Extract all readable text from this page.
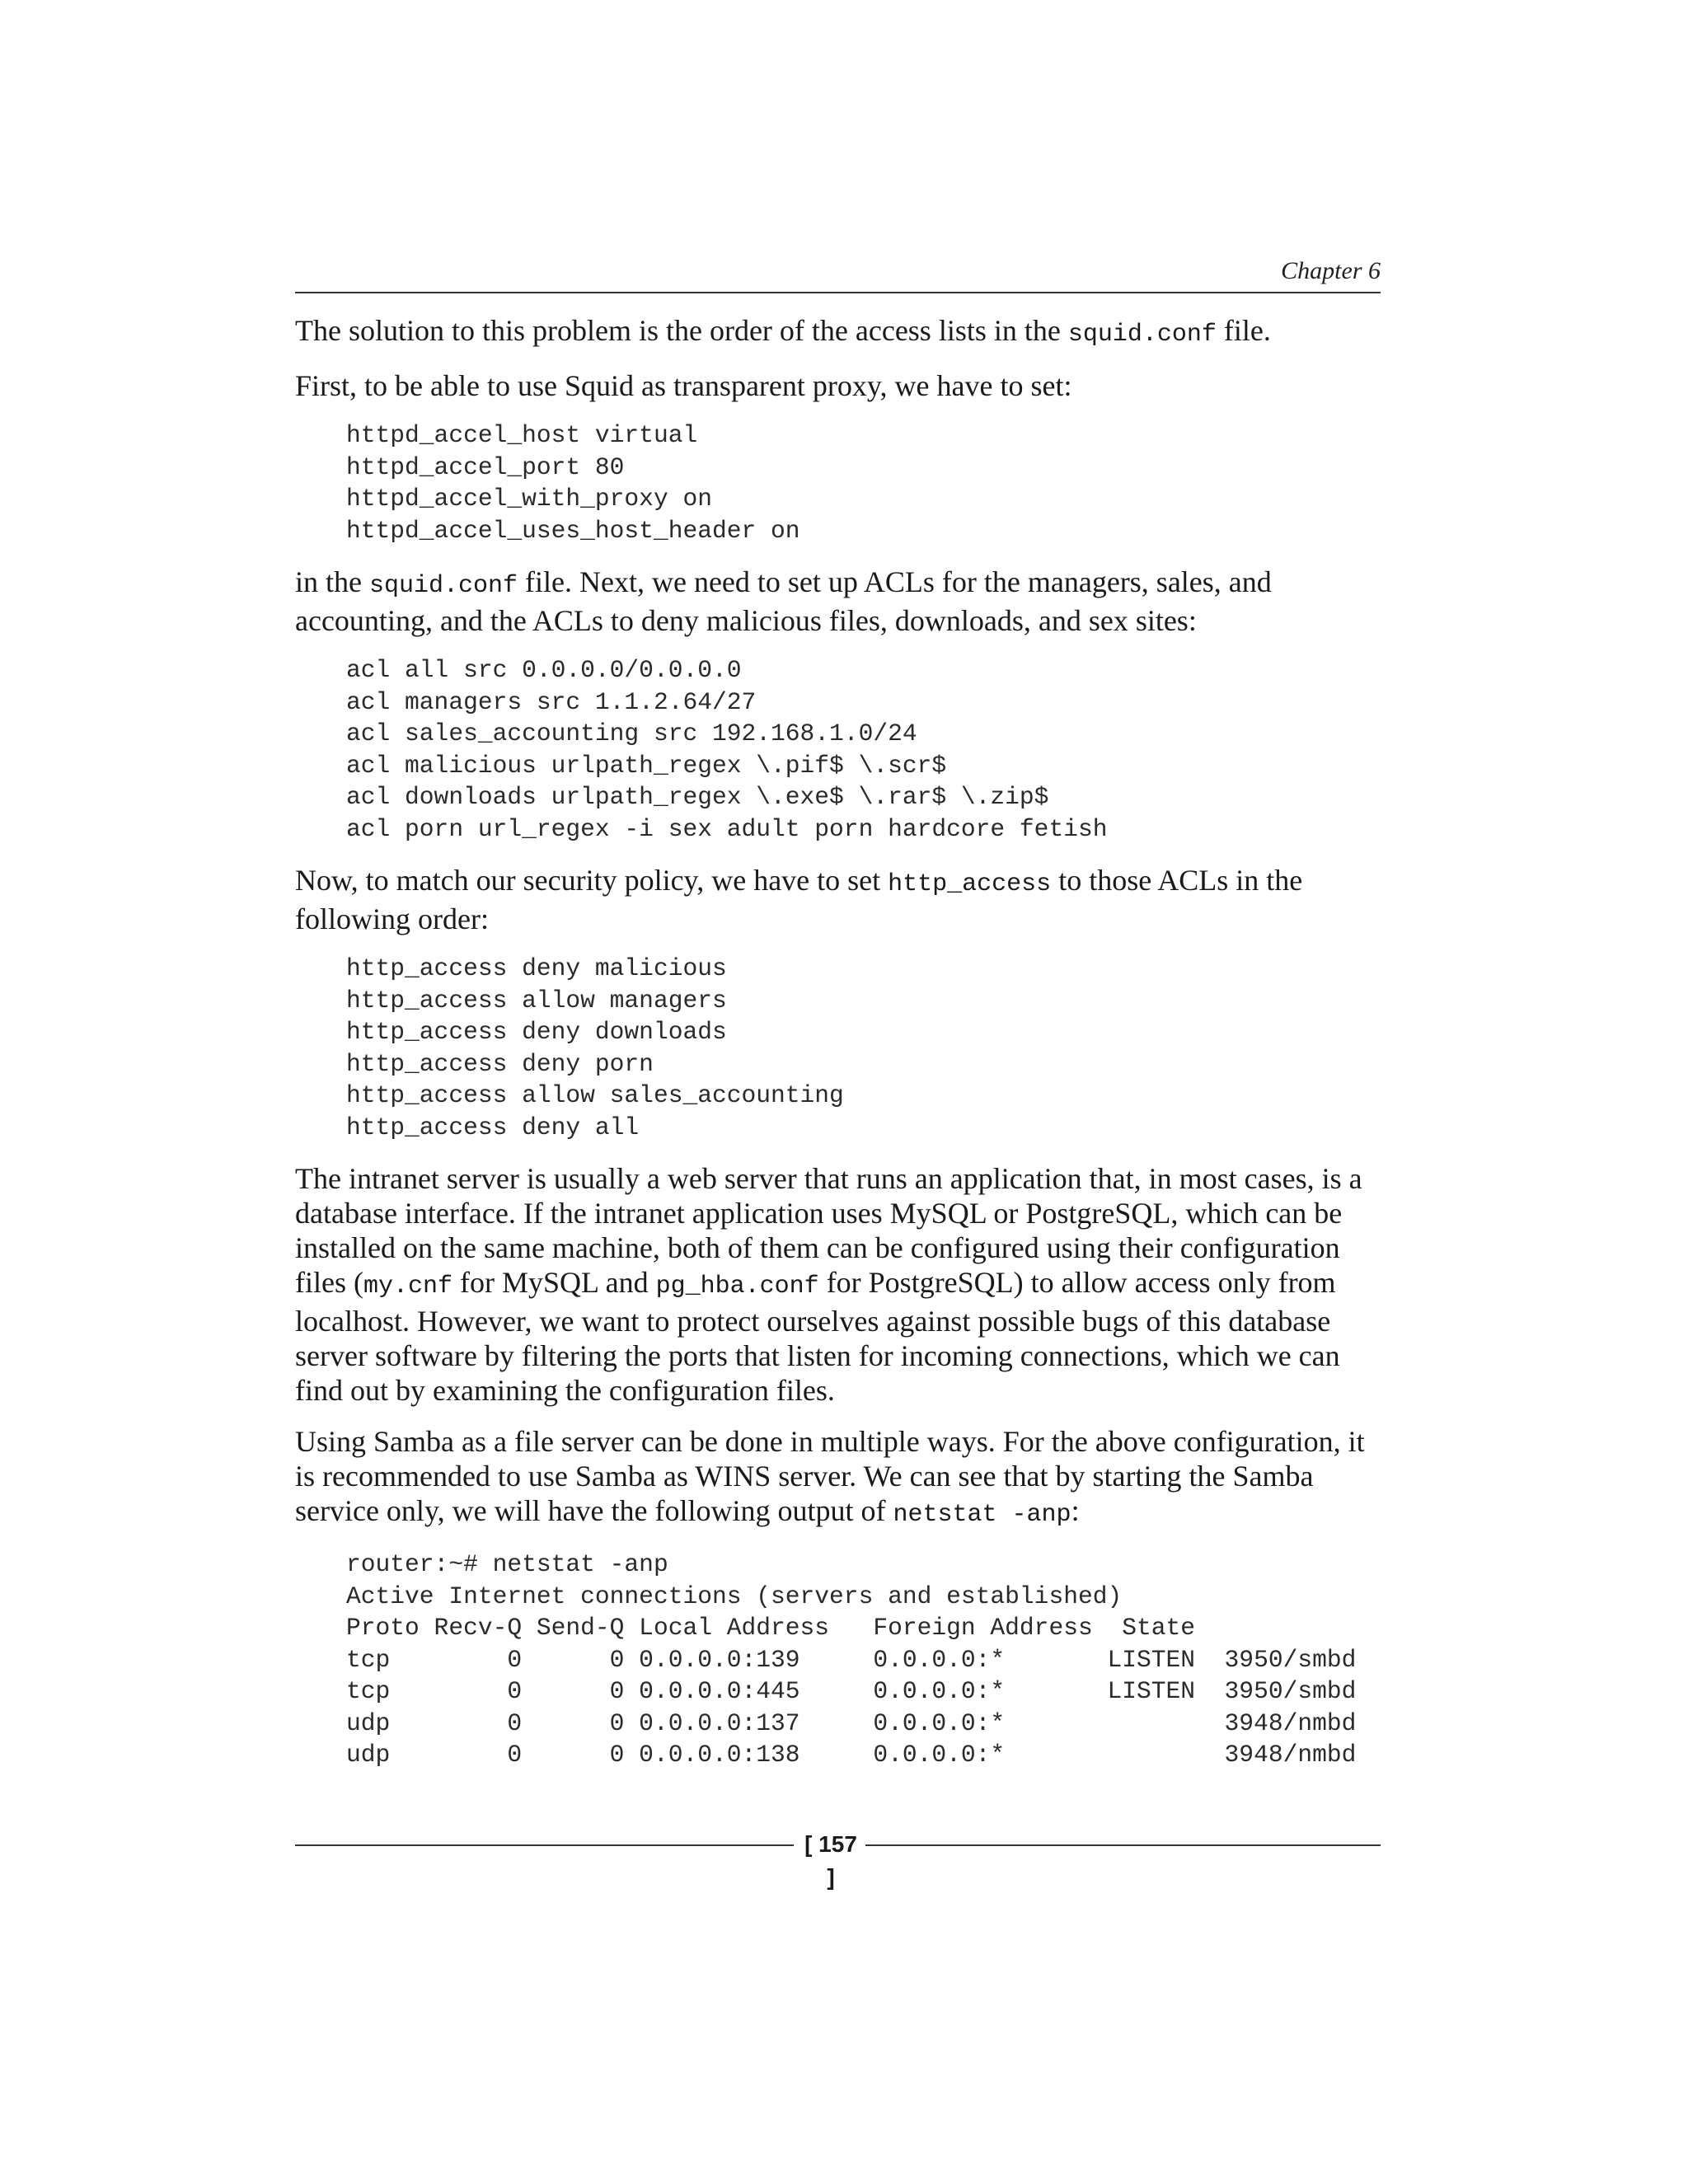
Chapter 6

The solution to this problem is the order of the access lists in the squid.conf file.

First, to be able to use Squid as transparent proxy, we have to set:

httpd_accel_host virtual
httpd_accel_port 80
httpd_accel_with_proxy on
httpd_accel_uses_host_header on

in the squid.conf file. Next, we need to set up ACLs for the managers, sales, and accounting, and the ACLs to deny malicious files, downloads, and sex sites:

acl all src 0.0.0.0/0.0.0.0
acl managers src 1.1.2.64/27
acl sales_accounting src 192.168.1.0/24
acl malicious urlpath_regex \.pif$ \.scr$
acl downloads urlpath_regex \.exe$ \.rar$ \.zip$
acl porn url_regex -i sex adult porn hardcore fetish

Now, to match our security policy, we have to set http_access to those ACLs in the following order:

http_access deny malicious
http_access allow managers
http_access deny downloads
http_access deny porn
http_access allow sales_accounting
http_access deny all

The intranet server is usually a web server that runs an application that, in most cases, is a database interface. If the intranet application uses MySQL or PostgreSQL, which can be installed on the same machine, both of them can be configured using their configuration files (my.cnf for MySQL and pg_hba.conf for PostgreSQL) to allow access only from localhost. However, we want to protect ourselves against possible bugs of this database server software by filtering the ports that listen for incoming connections, which we can find out by examining the configuration files.

Using Samba as a file server can be done in multiple ways. For the above configuration, it is recommended to use Samba as WINS server. We can see that by starting the Samba service only, we will have the following output of netstat -anp:

router:~# netstat -anp
Active Internet connections (servers and established)
Proto Recv-Q Send-Q Local Address   Foreign Address  State
tcp        0      0 0.0.0.0:139     0.0.0.0:*       LISTEN  3950/smbd
tcp        0      0 0.0.0.0:445     0.0.0.0:*       LISTEN  3950/smbd
udp        0      0 0.0.0.0:137     0.0.0.0:*               3948/nmbd
udp        0      0 0.0.0.0:138     0.0.0.0:*               3948/nmbd
[ 157 ]
